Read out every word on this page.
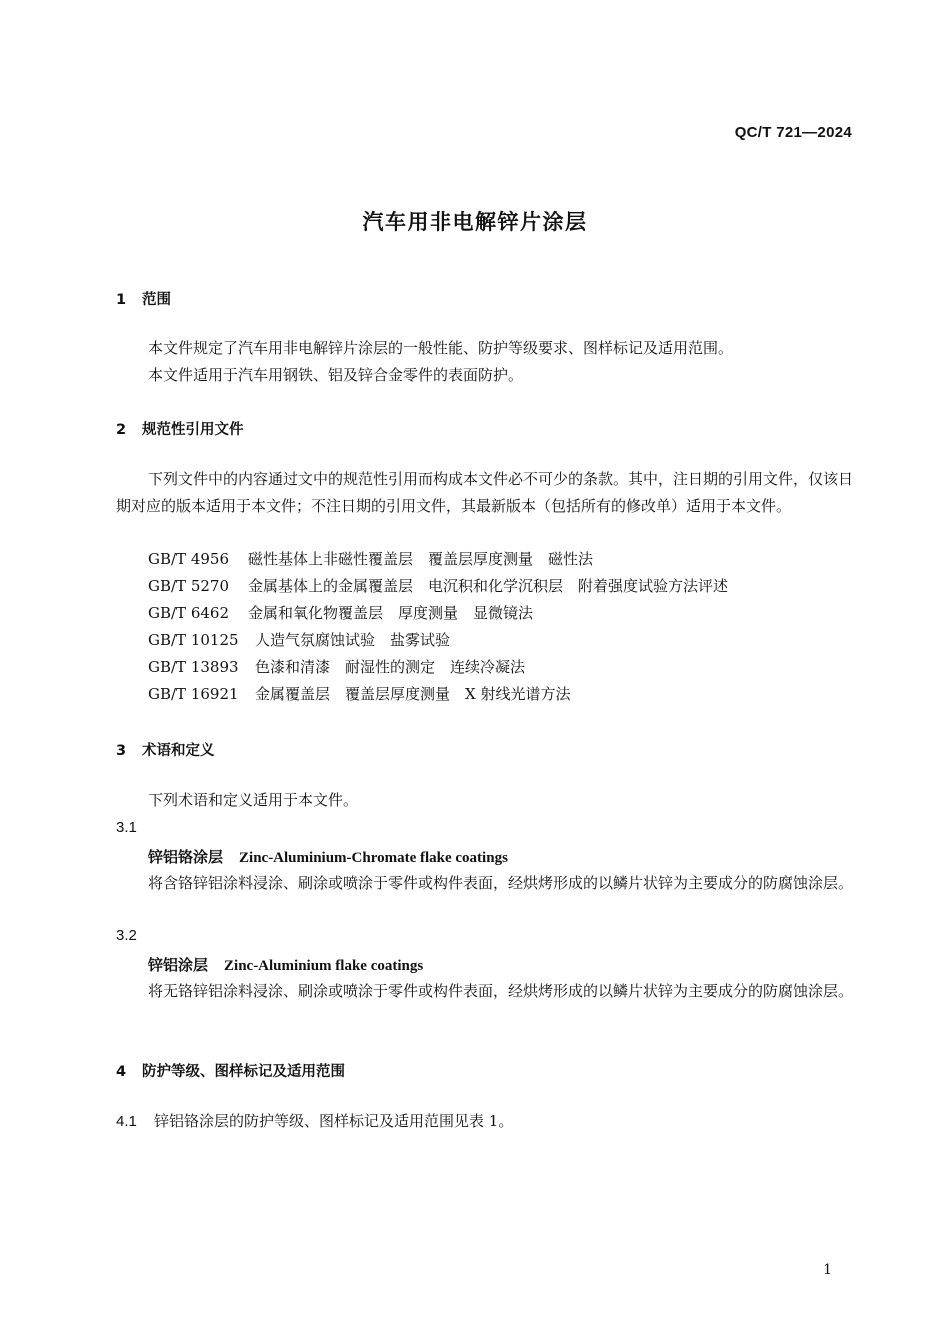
QC/T 721—2024
汽车用非电解锌片涂层
1 范围
本文件规定了汽车用非电解锌片涂层的一般性能、防护等级要求、图样标记及适用范围。
本文件适用于汽车用钢铁、铝及锌合金零件的表面防护。
2 规范性引用文件
下列文件中的内容通过文中的规范性引用而构成本文件必不可少的条款。其中，注日期的引用文件，仅该日期对应的版本适用于本文件；不注日期的引用文件，其最新版本（包括所有的修改单）适用于本文件。
GB/T 4956 磁性基体上非磁性覆盖层　覆盖层厚度测量　磁性法
GB/T 5270 金属基体上的金属覆盖层　电沉积和化学沉积层　附着强度试验方法评述
GB/T 6462 金属和氧化物覆盖层　厚度测量　显微镜法
GB/T 10125 人造气氛腐蚀试验　盐雾试验
GB/T 13893 色漆和清漆　耐湿性的测定　连续冷凝法
GB/T 16921 金属覆盖层　覆盖层厚度测量　X 射线光谱方法
3 术语和定义
下列术语和定义适用于本文件。
3.1
锌铝铬涂层 Zinc-Aluminium-Chromate flake coatings
将含铬锌铝涂料浸涂、刷涂或喷涂于零件或构件表面，经烘烤形成的以鳞片状锌为主要成分的防腐蚀涂层。
3.2
锌铝涂层 Zinc-Aluminium flake coatings
将无铬锌铝涂料浸涂、刷涂或喷涂于零件或构件表面，经烘烤形成的以鳞片状锌为主要成分的防腐蚀涂层。
4 防护等级、图样标记及适用范围
4.1 锌铝铬涂层的防护等级、图样标记及适用范围见表 1。
1
